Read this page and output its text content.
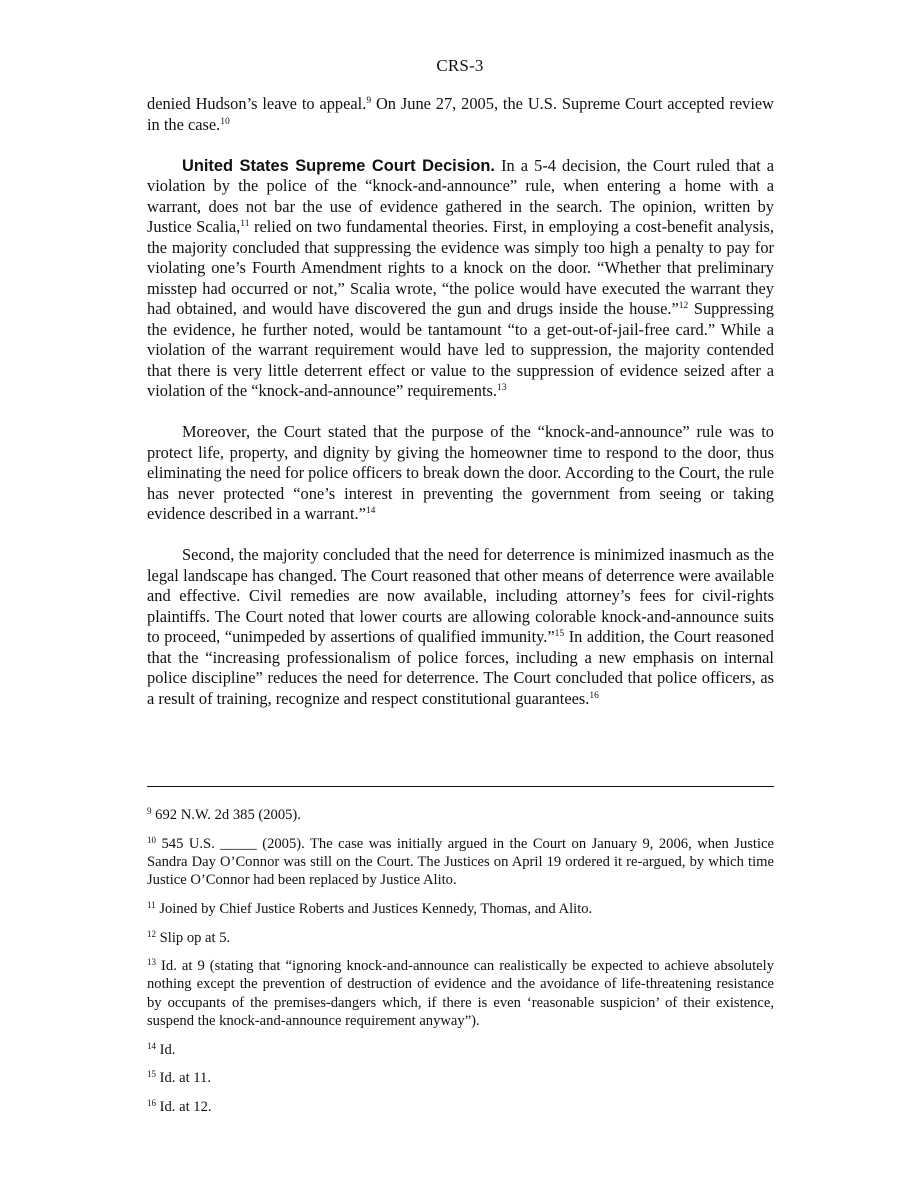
CRS-3

denied Hudson’s leave to appeal.$^9$ On June 27, 2005, the U.S. Supreme Court accepted review in the case.$^{10}$

United States Supreme Court Decision. In a 5-4 decision, the Court ruled that a violation by the police of the “knock-and-announce” rule, when entering a home with a warrant, does not bar the use of evidence gathered in the search. The opinion, written by Justice Scalia,$^{11}$ relied on two fundamental theories. First, in employing a cost-benefit analysis, the majority concluded that suppressing the evidence was simply too high a penalty to pay for violating one’s Fourth Amendment rights to a knock on the door. “Whether that preliminary misstep had occurred or not,” Scalia wrote, “the police would have executed the warrant they had obtained, and would have discovered the gun and drugs inside the house.”$^{12}$ Suppressing the evidence, he further noted, would be tantamount “to a get-out-of-jail-free card.” While a violation of the warrant requirement would have led to suppression, the majority contended that there is very little deterrent effect or value to the suppression of evidence seized after a violation of the “knock-and-announce” requirements.$^{13}$

Moreover, the Court stated that the purpose of the “knock-and-announce” rule was to protect life, property, and dignity by giving the homeowner time to respond to the door, thus eliminating the need for police officers to break down the door. According to the Court, the rule has never protected “one’s interest in preventing the government from seeing or taking evidence described in a warrant.”$^{14}$

Second, the majority concluded that the need for deterrence is minimized inasmuch as the legal landscape has changed. The Court reasoned that other means of deterrence were available and effective. Civil remedies are now available, including attorney’s fees for civil-rights plaintiffs. The Court noted that lower courts are allowing colorable knock-and-announce suits to proceed, “unimpeded by assertions of qualified immunity.”$^{15}$ In addition, the Court reasoned that the “increasing professionalism of police forces, including a new emphasis on internal police discipline” reduces the need for deterrence. The Court concluded that police officers, as a result of training, recognize and respect constitutional guarantees.$^{16}$

$^9$ 692 N.W. 2d 385 (2005).
$^{10}$ 545 U.S. _____ (2005). The case was initially argued in the Court on January 9, 2006, when Justice Sandra Day O’Connor was still on the Court. The Justices on April 19 ordered it re-argued, by which time Justice O’Connor had been replaced by Justice Alito.
$^{11}$ Joined by Chief Justice Roberts and Justices Kennedy, Thomas, and Alito.
$^{12}$ Slip op at 5.
$^{13}$ Id. at 9 (stating that “ignoring knock-and-announce can realistically be expected to achieve absolutely nothing except the prevention of destruction of evidence and the avoidance of life-threatening resistance by occupants of the premises-dangers which, if there is even ‘reasonable suspicion’ of their existence, suspend the knock-and-announce requirement anyway”).
$^{14}$ Id.
$^{15}$ Id. at 11.
$^{16}$ Id. at 12.
